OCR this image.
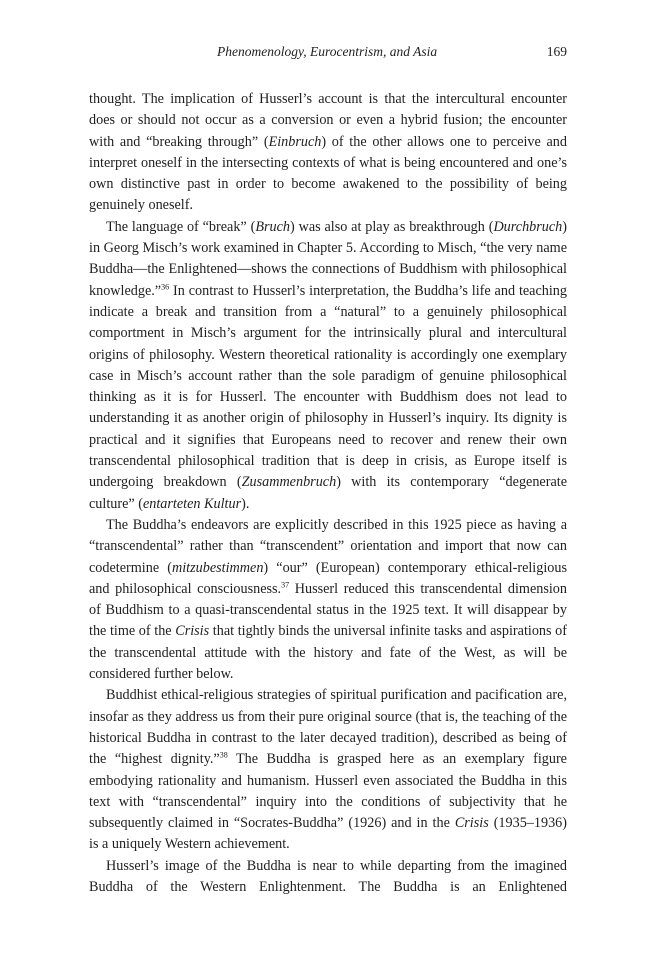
Phenomenology, Eurocentrism, and Asia	169

thought. The implication of Husserl’s account is that the intercultural encounter does or should not occur as a conversion or even a hybrid fusion; the encounter with and “breaking through” (Einbruch) of the other allows one to perceive and interpret oneself in the intersecting contexts of what is being encountered and one’s own distinctive past in order to become awakened to the possibility of being genuinely oneself.

The language of “break” (Bruch) was also at play as breakthrough (Durchbruch) in Georg Misch’s work examined in Chapter 5. According to Misch, “the very name Buddha—the Enlightened—shows the connections of Buddhism with philosophical knowledge.”$^{36}$ In contrast to Husserl’s interpretation, the Buddha’s life and teaching indicate a break and transition from a “natural” to a genuinely philosophical comportment in Misch’s argument for the intrinsically plural and intercultural origins of philosophy. Western theoretical rationality is accordingly one exemplary case in Misch’s account rather than the sole paradigm of genuine philosophical thinking as it is for Husserl. The encounter with Buddhism does not lead to understanding it as another origin of philosophy in Husserl’s inquiry. Its dignity is practical and it signifies that Europeans need to recover and renew their own transcendental philosophical tradition that is deep in crisis, as Europe itself is undergoing breakdown (Zusammenbruch) with its contemporary “degenerate culture” (entarteten Kultur).

The Buddha’s endeavors are explicitly described in this 1925 piece as having a “transcendental” rather than “transcendent” orientation and import that now can codetermine (mitzubestimmen) “our” (European) contemporary ethical-religious and philosophical consciousness.$^{37}$ Husserl reduced this transcendental dimension of Buddhism to a quasi-transcendental status in the 1925 text. It will disappear by the time of the Crisis that tightly binds the universal infinite tasks and aspirations of the transcendental attitude with the history and fate of the West, as will be considered further below.

Buddhist ethical-religious strategies of spiritual purification and pacification are, insofar as they address us from their pure original source (that is, the teaching of the historical Buddha in contrast to the later decayed tradition), described as being of the “highest dignity.”$^{38}$ The Buddha is grasped here as an exemplary figure embodying rationality and humanism. Husserl even associated the Buddha in this text with “transcendental” inquiry into the conditions of subjectivity that he subsequently claimed in “Socrates-Buddha” (1926) and in the Crisis (1935–1936) is a uniquely Western achievement.

Husserl’s image of the Buddha is near to while departing from the imagined Buddha of the Western Enlightenment. The Buddha is an Enlightened
